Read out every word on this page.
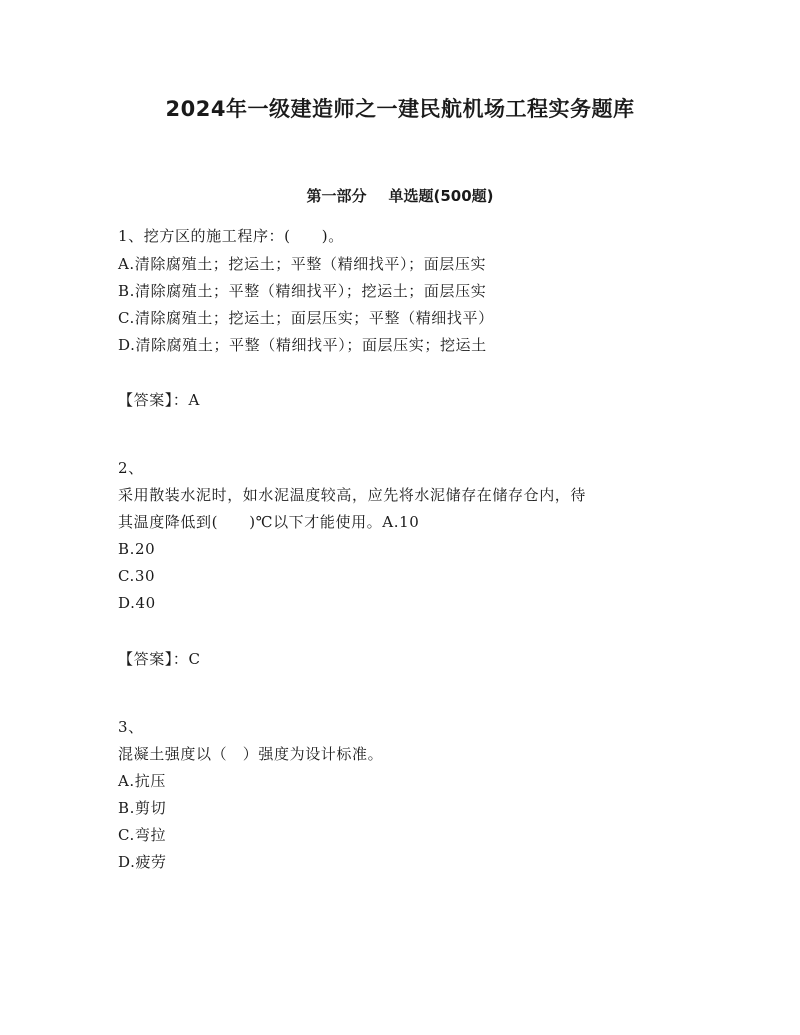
2024年一级建造师之一建民航机场工程实务题库
第一部分 单选题(500题)
1、挖方区的施工程序：(　　)。
A.清除腐殖土；挖运土；平整（精细找平）；面层压实
B.清除腐殖土；平整（精细找平）；挖运土；面层压实
C.清除腐殖土；挖运土；面层压实；平整（精细找平）
D.清除腐殖土；平整（精细找平）；面层压实；挖运土
【答案】：A
2、
采用散装水泥时，如水泥温度较高，应先将水泥储存在储存仓内，待
其温度降低到(　　)℃以下才能使用。A.10
B.20
C.30
D.40
【答案】：C
3、
混凝土强度以（　）强度为设计标准。
A.抗压
B.剪切
C.弯拉
D.疲劳
